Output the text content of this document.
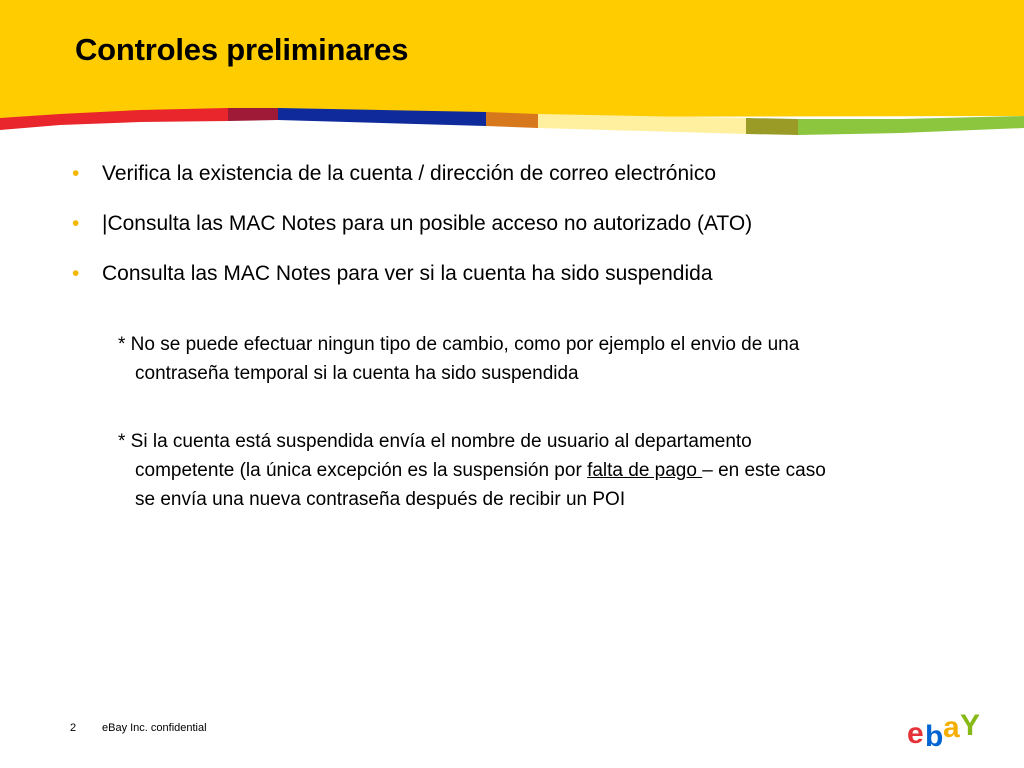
Controles preliminares
• Verifica la existencia de la cuenta / dirección de correo electrónico
• |Consulta las MAC Notes para un posible acceso no autorizado (ATO)
• Consulta las MAC Notes para ver si la cuenta ha sido suspendida

* No se puede efectuar ningun tipo de cambio, como por ejemplo el envio de una
contraseña temporal si la cuenta ha sido suspendida

* Si la cuenta está suspendida envía el nombre de usuario al departamento
competente (la única excepción es la suspensión por falta de pago – en este caso
se envía una nueva contraseña después de recibir un POI

2 eBay Inc. confidential	e b a Y
